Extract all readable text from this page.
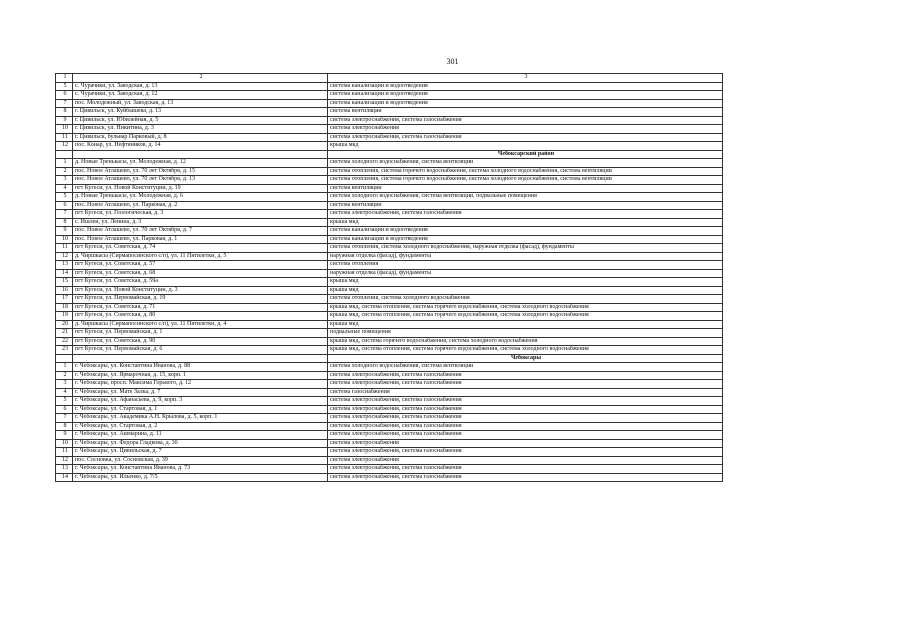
301
1	2	3
5	с. Чурачики, ул. Заводская, д. 13	система канализации и водоотведения
6	с. Чурачики, ул. Заводская, д. 12	система канализации и водоотведения
7	пос. Молодежный, ул. Заводская, д. 13	система канализации и водоотведения
8	г. Цивильск, ул. Куйбышева, д. 13	система вентиляции
9	г. Цивильск, ул. Юбилейная, д. 5	система электроснабжения, система газоснабжения
10	г. Цивильск, ул. Никитина, д. 3	система электроснабжения
11	г. Цивильск, бульвар Парковый, д. 8	система электроснабжения, система газоснабжения
12	пос. Конар, ул. Нефтяников, д. 14	крыша мкд
		Чебоксарский район
1	д. Новые Тренькасы, ул. Молодежная, д. 12	система холодного водоснабжения, система вентиляции
2	пос. Новое Атлашево, ул. 70 лет Октября, д. 15	система отопления, система горячего водоснабжения, система холодного водоснабжения, система вентиляции
3	пос. Новое Атлашево, ул. 70 лет Октября, д. 13	система отопления, система горячего водоснабжения, система холодного водоснабжения, система вентиляции
4	пгт Кугеси, ул. Новой Конституции, д. 19	система вентиляции
5	д. Новые Тренькасы, ул. Молодежная, д. 6	система холодного водоснабжения, система вентиляции, подвальные помещения
6	пос. Новое Атлашево, ул. Парковая, д. 2	система вентиляции
7	пгт Кугеси, ул. Геологическая, д. 3	система электроснабжения, система газоснабжения
8	с. Ишлеи, ул. Ленина, д. 3	крыша мкд
9	пос. Новое Атлашево, ул. 70 лет Октября, д. 7	система канализации и водоотведения
10	пос. Новое Атлашево, ул. Парковая, д. 1	система канализации и водоотведения
11	пгт Кугеси, ул. Советская, д. 74	система отопления, система холодного водоснабжения, наружная отделка (фасад), фундаменты
12	д. Чиршкасы (Сирмапосинского с/п), ул. 11 Пятилетки, д. 5	наружная отделка (фасад), фундаменты
13	пгт Кугеси, ул. Советская, д. 57	система отопления
14	пгт Кугеси, ул. Советская, д. 68	наружная отделка (фасад), фундаменты
15	пгт Кугеси, ул. Советская, д. 59а	крыша мкд
16	пгт Кугеси, ул. Новой Конституции, д. 3	крыша мкд
17	пгт Кугеси, ул. Первомайская, д. 19	система отопления, система холодного водоснабжения
18	пгт Кугеси, ул. Советская, д. 71	крыша мкд, система отопления, система горячего водоснабжения, система холодного водоснабжения
19	пгт Кугеси, ул. Советская, д. 80	крыша мкд, система отопления, система горячего водоснабжения, система холодного водоснабжения
20	д. Чиршкасы (Сирмапосинского с/п), ул. 11 Пятилетки, д. 4	крыша мкд
21	пгт Кугеси, ул. Первомайская, д. 1	подвальные помещения
22	пгт Кугеси, ул. Советская, д. 90	крыша мкд, система горячего водоснабжения, система холодного водоснабжения
23	пгт Кугеси, ул. Первомайская, д. 6	крыша мкд, система отопления, система горячего водоснабжения, система холодного водоснабжения
		Чебоксары
1	г. Чебоксары, ул. Константина Иванова, д. 88	система холодного водоснабжения, система вентиляции
2	г. Чебоксары, ул. Ярмарочная, д. 15, корп. 1	система электроснабжения, система газоснабжения
3	г. Чебоксары, просп. Максима Горького, д. 12	система электроснабжения, система газоснабжения
4	г. Чебоксары, ул. Мате Залка, д. 7	система газоснабжения
5	г. Чебоксары, ул. Афанасьева, д. 9, корп. 3	система электроснабжения, система газоснабжения
6	г. Чебоксары, ул. Стартовая, д. 1	система электроснабжения, система газоснабжения
7	г. Чебоксары, ул. Академика А.Н. Крылова, д. 5, корп. 1	система электроснабжения, система газоснабжения
8	г. Чебоксары, ул. Стартовая, д. 2	система электроснабжения, система газоснабжения
9	г. Чебоксары, ул. Ашмарина, д. 11	система электроснабжения, система газоснабжения
10	г. Чебоксары, ул. Федора Гладкова, д. 30	система электроснабжения
11	г. Чебоксары, ул. Цивильская, д. 7	система электроснабжения, система газоснабжения
12	пос. Сосновка, ул. Сосновская, д. 39	система электроснабжения
13	г. Чебоксары, ул. Константина Иванова, д. 73	система электроснабжения, система газоснабжения
14	г. Чебоксары, ул. Ильенко, д. 7/5	система электроснабжения, система газоснабжения
